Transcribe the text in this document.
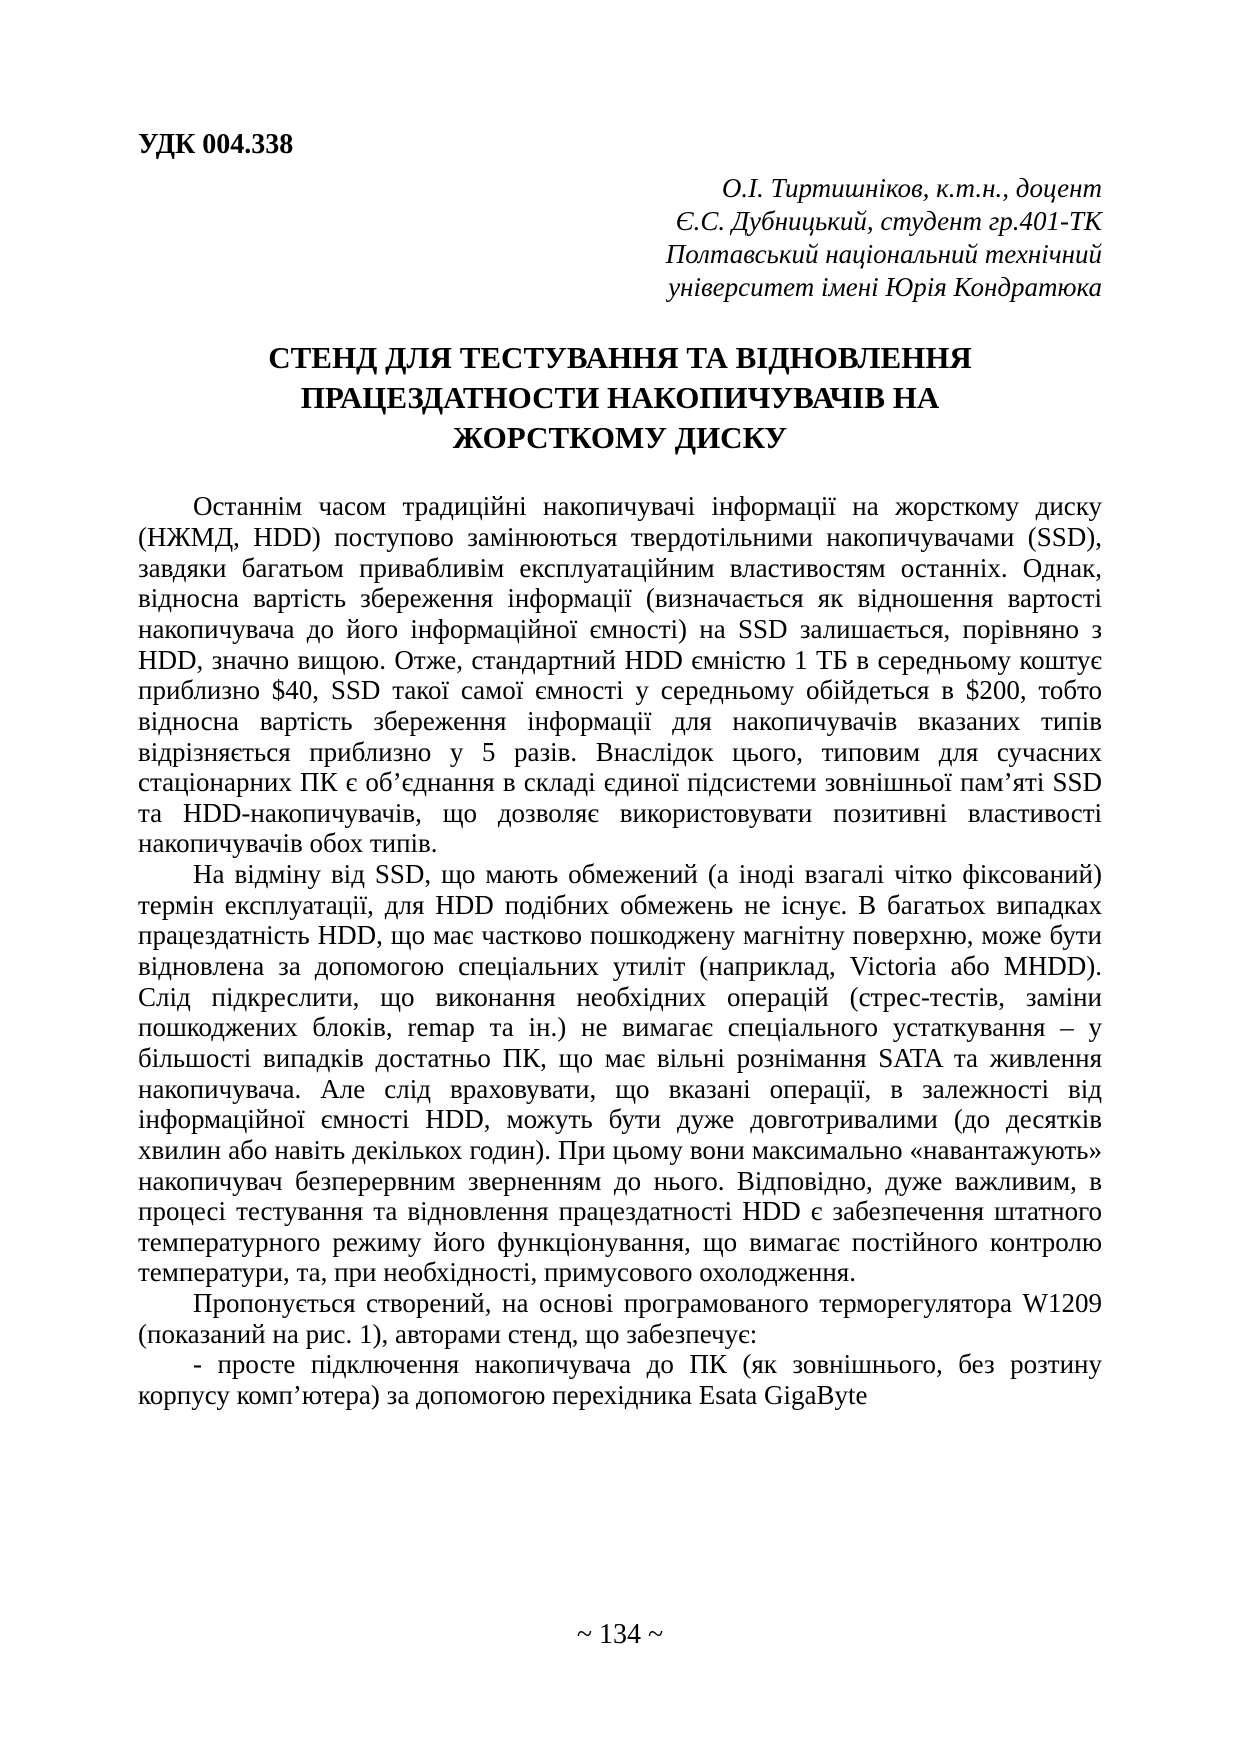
УДК 004.338
О.І. Тиртишніков, к.т.н., доцент
Є.С. Дубницький, студент гр.401-ТК
Полтавський національний технічний
університет імені Юрія Кондратюка
СТЕНД ДЛЯ ТЕСТУВАННЯ ТА ВІДНОВЛЕННЯ
ПРАЦЕЗДАТНОСТИ НАКОПИЧУВАЧІВ НА
ЖОРСТКОМУ ДИСКУ

Останнім часом традиційні накопичувачі інформації на жорсткому диску (НЖМД, HDD) поступово замінюються твердотільними накопичувачами (SSD), завдяки багатьом привабливім експлуатаційним властивостям останніх. Однак, відносна вартість збереження інформації (визначається як відношення вартості накопичувача до його інформаційної ємності) на SSD залишається, порівняно з HDD, значно вищою. Отже, стандартний HDD ємністю 1 ТБ в середньому коштує приблизно $40, SSD такої самої ємності у середньому обійдеться в $200, тобто відносна вартість збереження інформації для накопичувачів вказаних типів відрізняється приблизно у 5 разів. Внаслідок цього, типовим для сучасних стаціонарних ПК є об’єднання в складі єдиної підсистеми зовнішньої пам’яті SSD та HDD-накопичувачів, що дозволяє використовувати позитивні властивості накопичувачів обох типів.

На відміну від SSD, що мають обмежений (а іноді взагалі чітко фіксований) термін експлуатації, для HDD подібних обмежень не існує. В багатьох випадках працездатність HDD, що має частково пошкоджену магнітну поверхню, може бути відновлена за допомогою спеціальних утиліт (наприклад, Victoria або MHDD). Слід підкреслити, що виконання необхідних операцій (стрес-тестів, заміни пошкоджених блоків, remap та ін.) не вимагає спеціального устаткування – у більшості випадків достатньо ПК, що має вільні рознімання SATA та живлення накопичувача. Але слід враховувати, що вказані операції, в залежності від інформаційної ємності HDD, можуть бути дуже довготривалими (до десятків хвилин або навіть декількох годин). При цьому вони максимально «навантажують» накопичувач безперервним зверненням до нього. Відповідно, дуже важливим, в процесі тестування та відновлення працездатності HDD є забезпечення штатного температурного режиму його функціонування, що вимагає постійного контролю температури, та, при необхідності, примусового охолодження.

Пропонується створений, на основі програмованого терморегулятора W1209 (показаний на рис. 1), авторами стенд, що забезпечує:

- просте підключення накопичувача до ПК (як зовнішнього, без розтину корпусу комп’ютера) за допомогою перехідника Esata GigaByte

~ 134 ~
